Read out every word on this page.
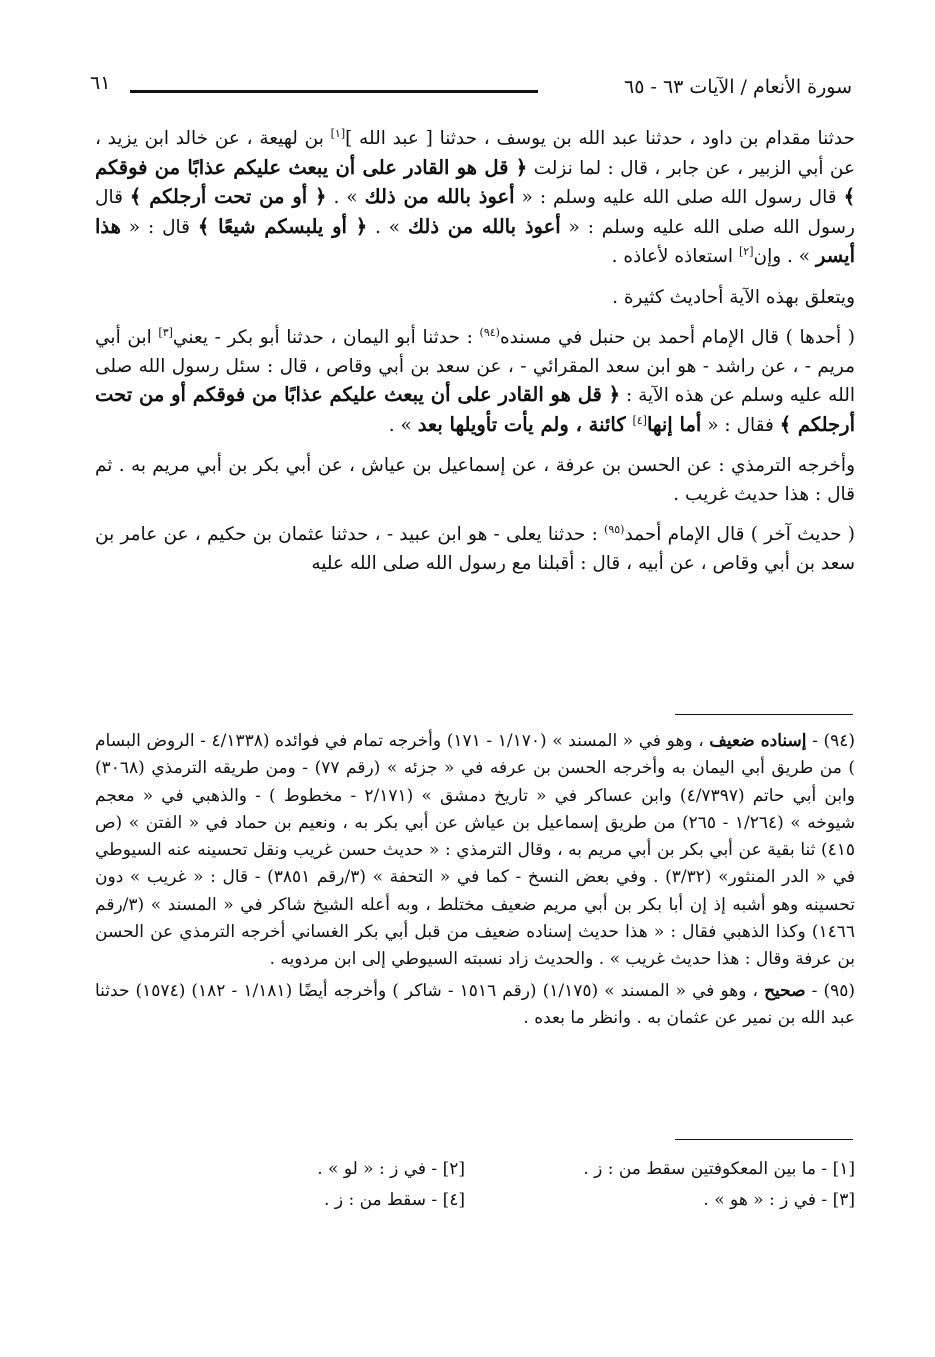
سورة الأنعام / الآيات ٦٣ - ٦٥
٦١

حدثنا مقدام بن داود ، حدثنا عبد الله بن يوسف ، حدثنا [ عبد الله ][١] بن لهيعة ، عن خالد ابن يزيد ، عن أبي الزبير ، عن جابر ، قال : لما نزلت ﴿ قل هو القادر على أن يبعث عليكم عذابًا من فوقكم ﴾ قال رسول الله صلى الله عليه وسلم : « أعوذ بالله من ذلك » . ﴿ أو من تحت أرجلكم ﴾ قال رسول الله صلى الله عليه وسلم : « أعوذ بالله من ذلك » . ﴿ أو يلبسكم شيعًا ﴾ قال : « هذا أيسر » . وإن[٢] استعاذه لأعاذه .

ويتعلق بهذه الآية أحاديث كثيرة .

( أحدها ) قال الإمام أحمد بن حنبل في مسنده$^{(٩٤)}$ : حدثنا أبو اليمان ، حدثنا أبو بكر - يعني[٣] ابن أبي مريم - ، عن راشد - هو ابن سعد المقرائي - ، عن سعد بن أبي وقاص ، قال : سئل رسول الله صلى الله عليه وسلم عن هذه الآية : ﴿ قل هو القادر على أن يبعث عليكم عذابًا من فوقكم أو من تحت أرجلكم ﴾ فقال : « أما إنها[٤] كائنة ، ولم يأت تأويلها بعد » .

وأخرجه الترمذي : عن الحسن بن عرفة ، عن إسماعيل بن عياش ، عن أبي بكر بن أبي مريم به . ثم قال : هذا حديث غريب .

( حديث آخر ) قال الإمام أحمد$^{(٩٥)}$ : حدثنا يعلى - هو ابن عبيد - ، حدثنا عثمان بن حكيم ، عن عامر بن سعد بن أبي وقاص ، عن أبيه ، قال : أقبلنا مع رسول الله صلى الله عليه

(٩٤) - إسناده ضعيف ، وهو في « المسند » (١/١٧٠ - ١٧١) وأخرجه تمام في فوائده (٤/١٣٣٨ - الروض البسام ) من طريق أبي اليمان به وأخرجه الحسن بن عرفه في « جزئه » (رقم ٧٧) - ومن طريقه الترمذي (٣٠٦٨) وابن أبي حاتم (٤/٧٣٩٧) وابن عساكر في « تاريخ دمشق » (٢/١٧١ - مخطوط ) - والذهبي في « معجم شيوخه » (١/٢٦٤ - ٢٦٥) من طريق إسماعيل بن عياش عن أبي بكر به ، ونعيم بن حماد في « الفتن » (ص ٤١٥) ثنا بقية عن أبي بكر بن أبي مريم به ، وقال الترمذي : « حديث حسن غريب ونقل تحسينه عنه السيوطي في « الدر المنثور» (٣/٣٢) . وفي بعض النسخ - كما في « التحفة » (٣/رقم ٣٨٥١) - قال : « غريب » دون تحسينه وهو أشبه إذ إن أبا بكر بن أبي مريم ضعيف مختلط ، وبه أعله الشيخ شاكر في « المسند » (٣/رقم ١٤٦٦) وكذا الذهبي فقال : « هذا حديث إسناده ضعيف من قبل أبي بكر الغساني أخرجه الترمذي عن الحسن بن عرفة وقال : هذا حديث غريب » . والحديث زاد نسبته السيوطي إلى ابن مردويه .

(٩٥) - صحيح ، وهو في « المسند » (١/١٧٥) (رقم ١٥١٦ - شاكر ) وأخرجه أيضًا (١/١٨١ - ١٨٢) (١٥٧٤) حدثنا عبد الله بن نمير عن عثمان به . وانظر ما بعده .

[١] - ما بين المعكوفتين سقط من : ز .
[٢] - في ز : « لو » .
[٣] - في ز : « هو » .
[٤] - سقط من : ز .
